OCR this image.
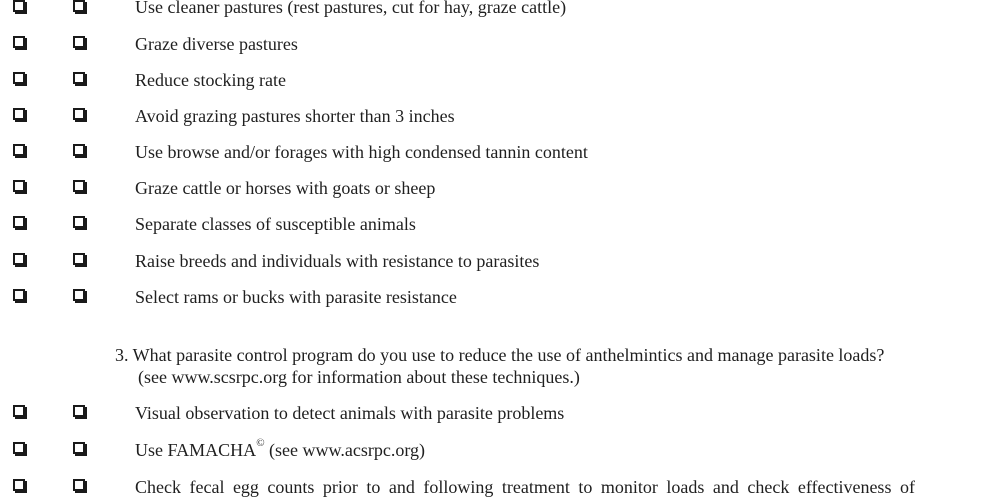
Use cleaner pastures (rest pastures, cut for hay, graze cattle)
Graze diverse pastures
Reduce stocking rate
Avoid grazing pastures shorter than 3 inches
Use browse and/or forages with high condensed tannin content
Graze cattle or horses with goats or sheep
Separate classes of susceptible animals
Raise breeds and individuals with resistance to parasites
Select rams or bucks with parasite resistance
3. What parasite control program do you use to reduce the use of anthelmintics and manage parasite loads?
(see www.scsrpc.org for information about these techniques.)
Visual observation to detect animals with parasite problems
Use FAMACHA© (see www.acsrpc.org)
Check fecal egg counts prior to and following treatment to monitor loads and check effectiveness of
